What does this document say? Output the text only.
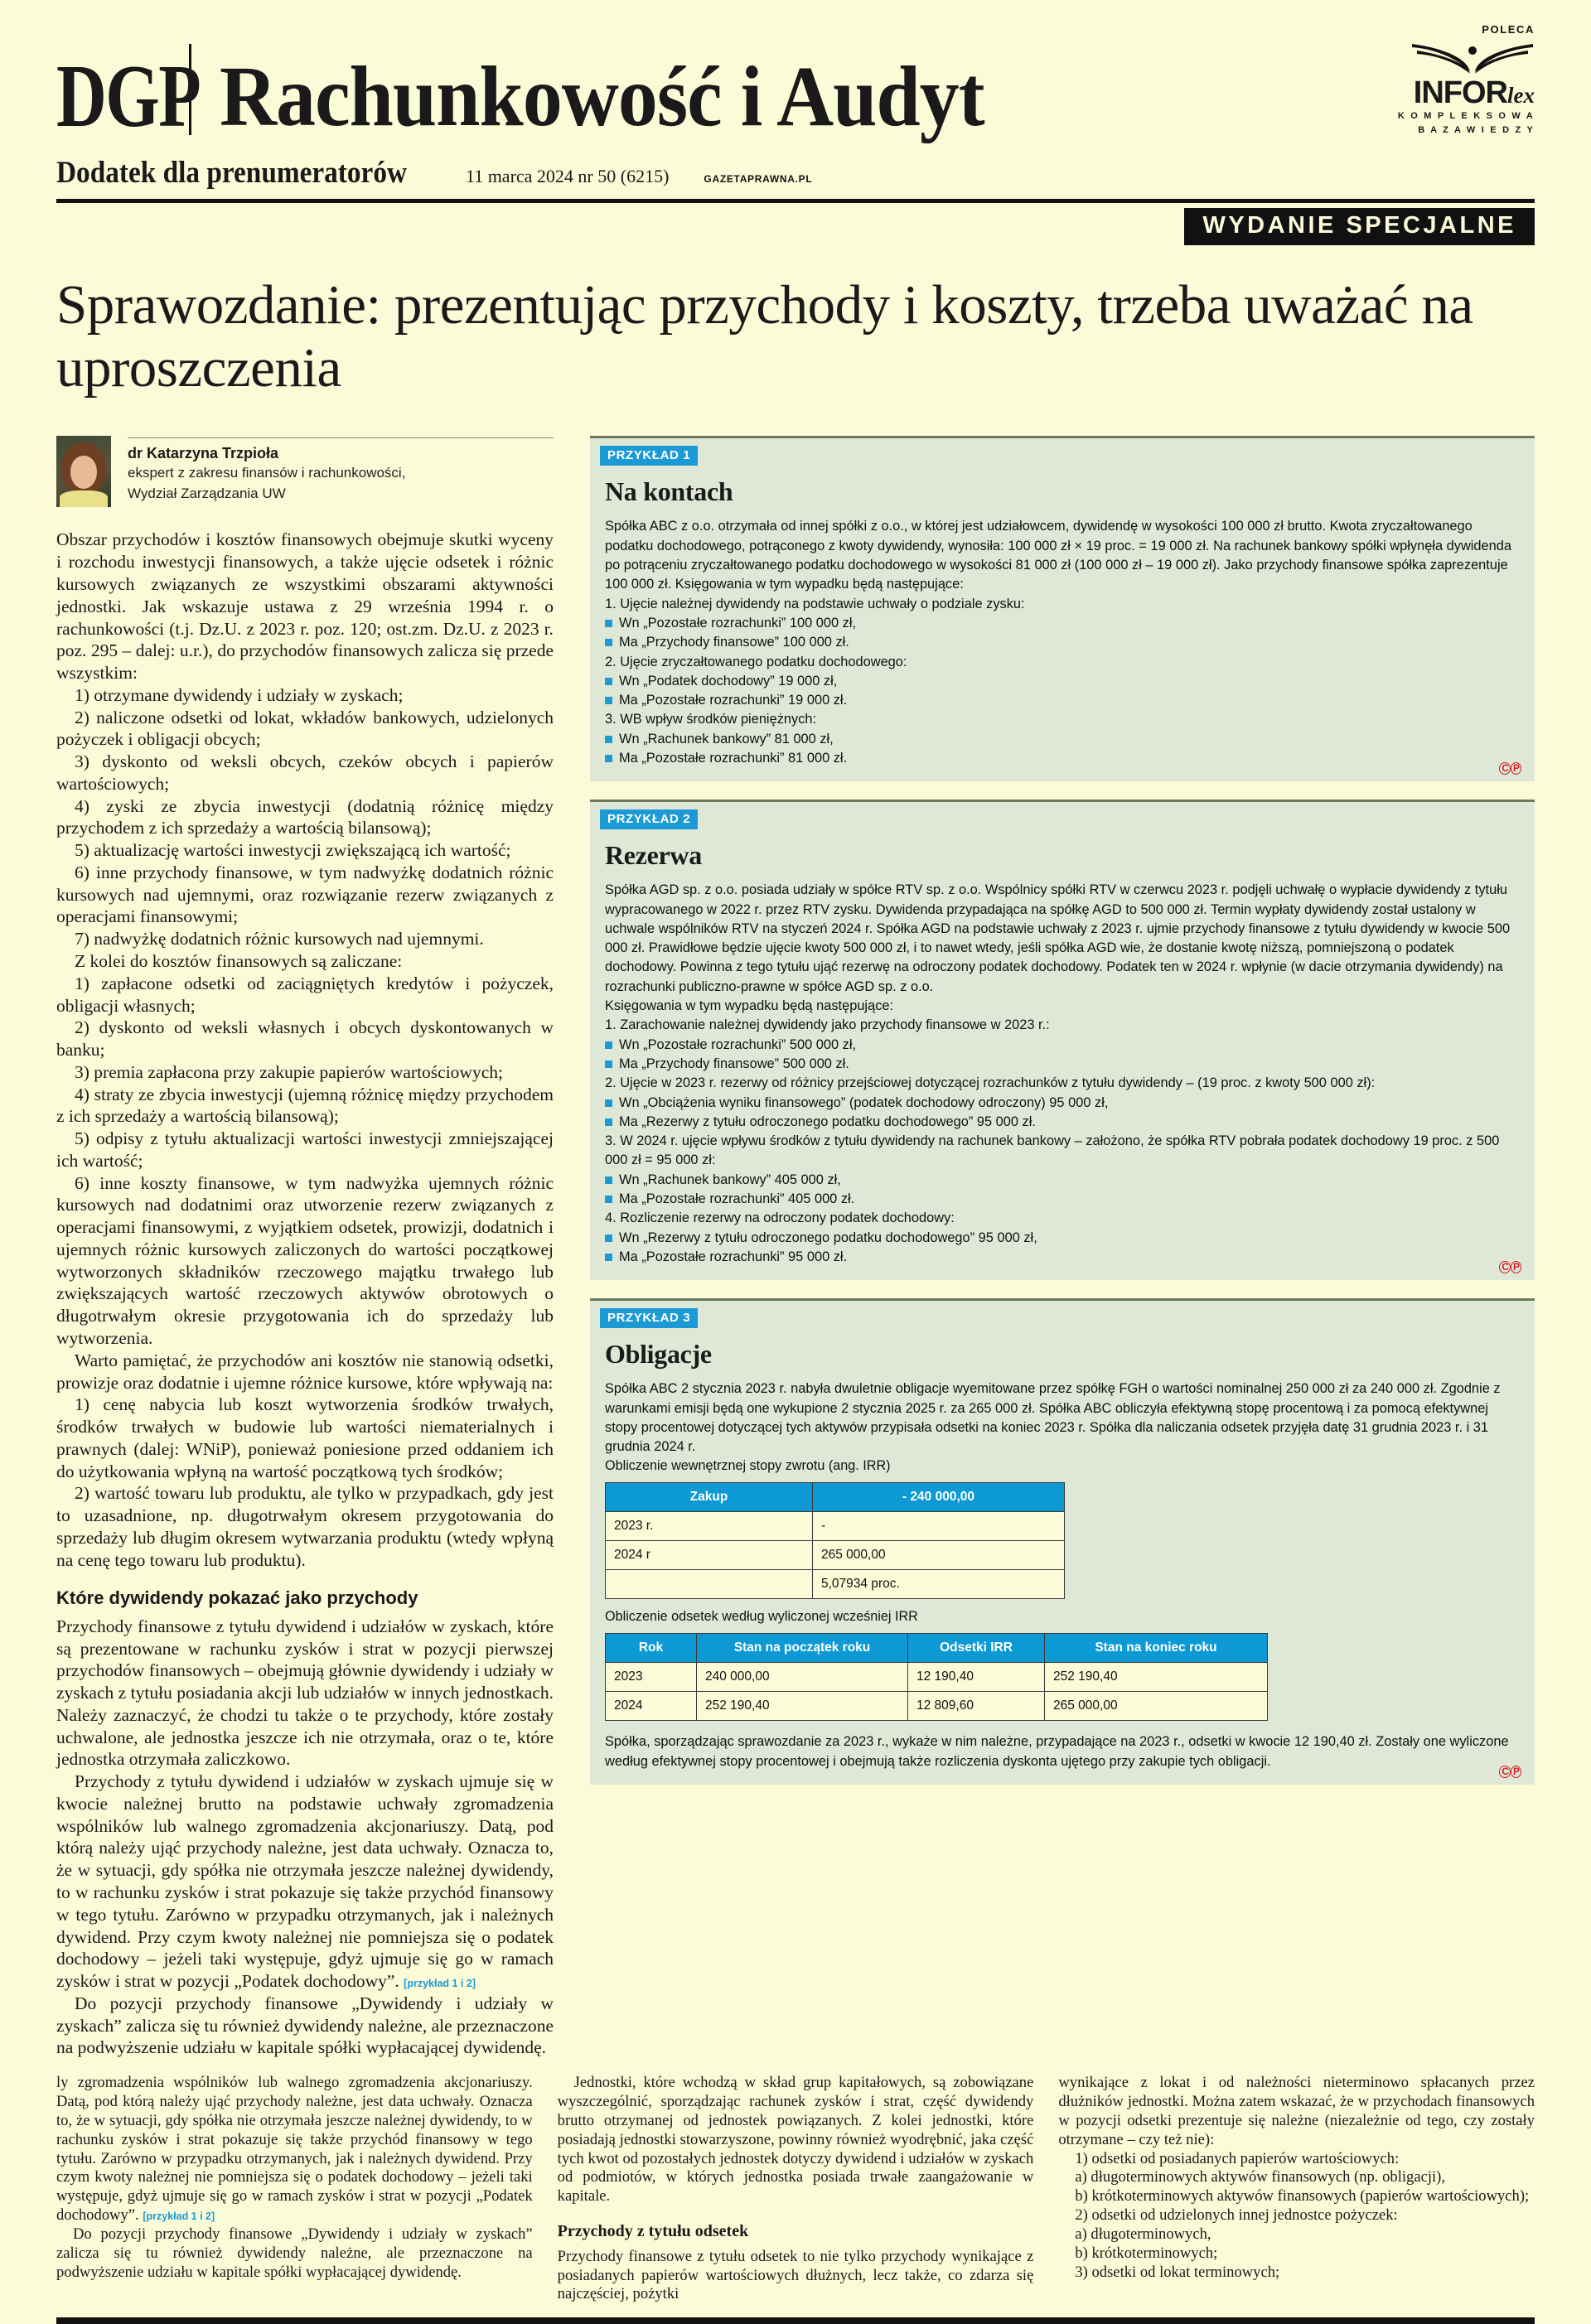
DGP Rachunkowość i Audyt
POLECA
INFORlex
K O M P L E K S O W A
B A Z A W I E D Z Y
Dodatek dla prenumeratorów	11 marca 2024 nr 50 (6215)	GAZETAPRAWNA.PL
WYDANIE SPECJALNE
Sprawozdanie: prezentując przychody i koszty, trzeba uważać na uproszczenia
dr Katarzyna Trzpioła
ekspert z zakresu finansów i rachunkowości,
Wydział Zarządzania UW

Obszar przychodów i kosztów finansowych obejmuje skutki wyceny i rozchodu inwestycji finansowych, a także ujęcie odsetek i różnic kursowych związanych ze wszystkimi obszarami aktywności jednostki. Jak wskazuje ustawa z 29 września 1994 r. o rachunkowości (t.j. Dz.U. z 2023 r. poz. 120; ost.zm. Dz.U. z 2023 r. poz. 295 – dalej: u.r.), do przychodów finansowych zalicza się przede wszystkim:

1) otrzymane dywidendy i udziały w zyskach;

2) naliczone odsetki od lokat, wkładów bankowych, udzielonych pożyczek i obligacji obcych;

3) dyskonto od weksli obcych, czeków obcych i papierów wartościowych;

4) zyski ze zbycia inwestycji (dodatnią różnicę między przychodem z ich sprzedaży a wartością bilansową);

5) aktualizację wartości inwestycji zwiększającą ich wartość;

6) inne przychody finansowe, w tym nadwyżkę dodatnich różnic kursowych nad ujemnymi, oraz rozwiązanie rezerw związanych z operacjami finansowymi;

7) nadwyżkę dodatnich różnic kursowych nad ujemnymi.

Z kolei do kosztów finansowych są zaliczane:

1) zapłacone odsetki od zaciągniętych kredytów i pożyczek, obligacji własnych;

2) dyskonto od weksli własnych i obcych dyskontowanych w banku;

3) premia zapłacona przy zakupie papierów wartościowych;

4) straty ze zbycia inwestycji (ujemną różnicę między przychodem z ich sprzedaży a wartością bilansową);

5) odpisy z tytułu aktualizacji wartości inwestycji zmniejszającej ich wartość;

6) inne koszty finansowe, w tym nadwyżka ujemnych różnic kursowych nad dodatnimi oraz utworzenie rezerw związanych z operacjami finansowymi, z wyjątkiem odsetek, prowizji, dodatnich i ujemnych różnic kursowych zaliczonych do wartości początkowej wytworzonych składników rzeczowego majątku trwałego lub zwiększających wartość rzeczowych aktywów obrotowych o długotrwałym okresie przygotowania ich do sprzedaży lub wytworzenia.

Warto pamiętać, że przychodów ani kosztów nie stanowią odsetki, prowizje oraz dodatnie i ujemne różnice kursowe, które wpływają na:

1) cenę nabycia lub koszt wytworzenia środków trwałych, środków trwałych w budowie lub wartości niematerialnych i prawnych (dalej: WNiP), ponieważ poniesione przed oddaniem ich do użytkowania wpłyną na wartość początkową tych środków;

2) wartość towaru lub produktu, ale tylko w przypadkach, gdy jest to uzasadnione, np. długotrwałym okresem przygotowania do sprzedaży lub długim okresem wytwarzania produktu (wtedy wpłyną na cenę tego towaru lub produktu).

Które dywidendy pokazać jako przychody

Przychody finansowe z tytułu dywidend i udziałów w zyskach, które są prezentowane w rachunku zysków i strat w pozycji pierwszej przychodów finansowych – obejmują głównie dywidendy i udziały w zyskach z tytułu posiadania akcji lub udziałów w innych jednostkach. Należy zaznaczyć, że chodzi tu także o te przychody, które zostały uchwalone, ale jednostka jeszcze ich nie otrzymała, oraz o te, które jednostka otrzymała zaliczkowo.

Przychody z tytułu dywidend i udziałów w zyskach ujmuje się w kwocie należnej brutto na podstawie uchwały zgromadzenia wspólników lub walnego zgromadzenia akcjonariuszy. Datą, pod którą należy ująć przychody należne, jest data uchwały. Oznacza to, że w sytuacji, gdy spółka nie otrzymała jeszcze należnej dywidendy, to w rachunku zysków i strat pokazuje się także przychód finansowy w tego tytułu. Zarówno w przypadku otrzymanych, jak i należnych dywidend. Przy czym kwoty należnej nie pomniejsza się o podatek dochodowy – jeżeli taki występuje, gdyż ujmuje się go w ramach zysków i strat w pozycji „Podatek dochodowy”. [przykład 1 i 2]

Do pozycji przychody finansowe „Dywidendy i udziały w zyskach” zalicza się tu również dywidendy należne, ale przeznaczone na podwyższenie udziału w kapitale spółki wypłacającej dywidendę.

PRZYKŁAD 1
Na kontach

Spółka ABC z o.o. otrzymała od innej spółki z o.o., w której jest udziałowcem, dywidendę w wysokości 100 000 zł brutto. Kwota zryczałtowanego podatku dochodowego, potrąconego z kwoty dywidendy, wynosiła: 100 000 zł × 19 proc. = 19 000 zł. Na rachunek bankowy spółki wpłynęła dywidenda po potrąceniu zryczałtowanego podatku dochodowego w wysokości 81 000 zł (100 000 zł – 19 000 zł). Jako przychody finansowe spółka zaprezentuje 100 000 zł. Księgowania w tym wypadku będą następujące:

1. Ujęcie należnej dywidendy na podstawie uchwały o podziale zysku:

Wn „Pozostałe rozrachunki” 100 000 zł,
Ma „Przychody finansowe” 100 000 zł.

2. Ujęcie zryczałtowanego podatku dochodowego:

Wn „Podatek dochodowy” 19 000 zł,
Ma „Pozostałe rozrachunki” 19 000 zł.

3. WB wpływ środków pieniężnych:

Wn „Rachunek bankowy” 81 000 zł,
Ma „Pozostałe rozrachunki” 81 000 zł.
C P
PRZYKŁAD 2
Rezerwa

Spółka AGD sp. z o.o. posiada udziały w spółce RTV sp. z o.o. Wspólnicy spółki RTV w czerwcu 2023 r. podjęli uchwałę o wypłacie dywidendy z tytułu wypracowanego w 2022 r. przez RTV zysku. Dywidenda przypadająca na spółkę AGD to 500 000 zł. Termin wypłaty dywidendy został ustalony w uchwale wspólników RTV na styczeń 2024 r. Spółka AGD na podstawie uchwały z 2023 r. ujmie przychody finansowe z tytułu dywidendy w kwocie 500 000 zł. Prawidłowe będzie ujęcie kwoty 500 000 zł, i to nawet wtedy, jeśli spółka AGD wie, że dostanie kwotę niższą, pomniejszoną o podatek dochodowy. Powinna z tego tytułu ująć rezerwę na odroczony podatek dochodowy. Podatek ten w 2024 r. wpłynie (w dacie otrzymania dywidendy) na rozrachunki publiczno-prawne w spółce AGD sp. z o.o.

Księgowania w tym wypadku będą następujące:

1. Zarachowanie należnej dywidendy jako przychody finansowe w 2023 r.:

Wn „Pozostałe rozrachunki” 500 000 zł,
Ma „Przychody finansowe” 500 000 zł.

2. Ujęcie w 2023 r. rezerwy od różnicy przejściowej dotyczącej rozrachunków z tytułu dywidendy – (19 proc. z kwoty 500 000 zł):

Wn „Obciążenia wyniku finansowego” (podatek dochodowy odroczony) 95 000 zł,
Ma „Rezerwy z tytułu odroczonego podatku dochodowego” 95 000 zł.

3. W 2024 r. ujęcie wpływu środków z tytułu dywidendy na rachunek bankowy – założono, że spółka RTV pobrała podatek dochodowy 19 proc. z 500 000 zł = 95 000 zł:

Wn „Rachunek bankowy” 405 000 zł,
Ma „Pozostałe rozrachunki” 405 000 zł.

4. Rozliczenie rezerwy na odroczony podatek dochodowy:

Wn „Rezerwy z tytułu odroczonego podatku dochodowego” 95 000 zł,
Ma „Pozostałe rozrachunki” 95 000 zł.
C P
PRZYKŁAD 3
Obligacje

Spółka ABC 2 stycznia 2023 r. nabyła dwuletnie obligacje wyemitowane przez spółkę FGH o wartości nominalnej 250 000 zł za 240 000 zł. Zgodnie z warunkami emisji będą one wykupione 2 stycznia 2025 r. za 265 000 zł. Spółka ABC obliczyła efektywną stopę procentową i za pomocą efektywnej stopy procentowej dotyczącej tych aktywów przypisała odsetki na koniec 2023 r. Spółka dla naliczania odsetek przyjęła datę 31 grudnia 2023 r. i 31 grudnia 2024 r.

Obliczenie wewnętrznej stopy zwrotu (ang. IRR)

Zakup	- 240 000,00
2023 r.	-
2024 r	265 000,00
	5,07934 proc.

Obliczenie odsetek według wyliczonej wcześniej IRR

Rok	Stan na początek roku	Odsetki IRR	Stan na koniec roku
2023	240 000,00	12 190,40	252 190,40
2024	252 190,40	12 809,60	265 000,00

Spółka, sporządzając sprawozdanie za 2023 r., wykaże w nim należne, przypadające na 2023 r., odsetki w kwocie 12 190,40 zł. Zostały one wyliczone według efektywnej stopy procentowej i obejmują także rozliczenia dyskonta ujętego przy zakupie tych obligacji.

C P

ly zgromadzenia wspólników lub walnego zgromadzenia akcjonariuszy. Datą, pod którą należy ująć przychody należne, jest data uchwały. Oznacza to, że w sytuacji, gdy spółka nie otrzymała jeszcze należnej dywidendy, to w rachunku zysków i strat pokazuje się także przychód finansowy w tego tytułu. Zarówno w przypadku otrzymanych, jak i należnych dywidend. Przy czym kwoty należnej nie pomniejsza się o podatek dochodowy – jeżeli taki występuje, gdyż ujmuje się go w ramach zysków i strat w pozycji „Podatek dochodowy”. [przykład 1 i 2]

Do pozycji przychody finansowe „Dywidendy i udziały w zyskach” zalicza się tu również dywidendy należne, ale przeznaczone na podwyższenie udziału w kapitale spółki wypłacającej dywidendę.

Jednostki, które wchodzą w skład grup kapitałowych, są zobowiązane wyszczególnić, sporządzając rachunek zysków i strat, część dywidendy brutto otrzymanej od jednostek powiązanych. Z kolei jednostki, które posiadają jednostki stowarzyszone, powinny również wyodrębnić, jaka część tych kwot od pozostałych jednostek dotyczy dywidend i udziałów w zyskach od podmiotów, w których jednostka posiada trwałe zaangażowanie w kapitale.

Przychody z tytułu odsetek

Przychody finansowe z tytułu odsetek to nie tylko przychody wynikające z posiadanych papierów wartościowych dłużnych, lecz także, co zdarza się najczęściej, pożytki

wynikające z lokat i od należności nieterminowo spłacanych przez dłużników jednostki. Można zatem wskazać, że w przychodach finansowych w pozycji odsetki prezentuje się należne (niezależnie od tego, czy zostały otrzymane – czy też nie):

1) odsetki od posiadanych papierów wartościowych:

a) długoterminowych aktywów finansowych (np. obligacji),

b) krótkoterminowych aktywów finansowych (papierów wartościowych);

2) odsetki od udzielonych innej jednostce pożyczek:

a) długoterminowych,

b) krótkoterminowych;

3) odsetki od lokat terminowych;
